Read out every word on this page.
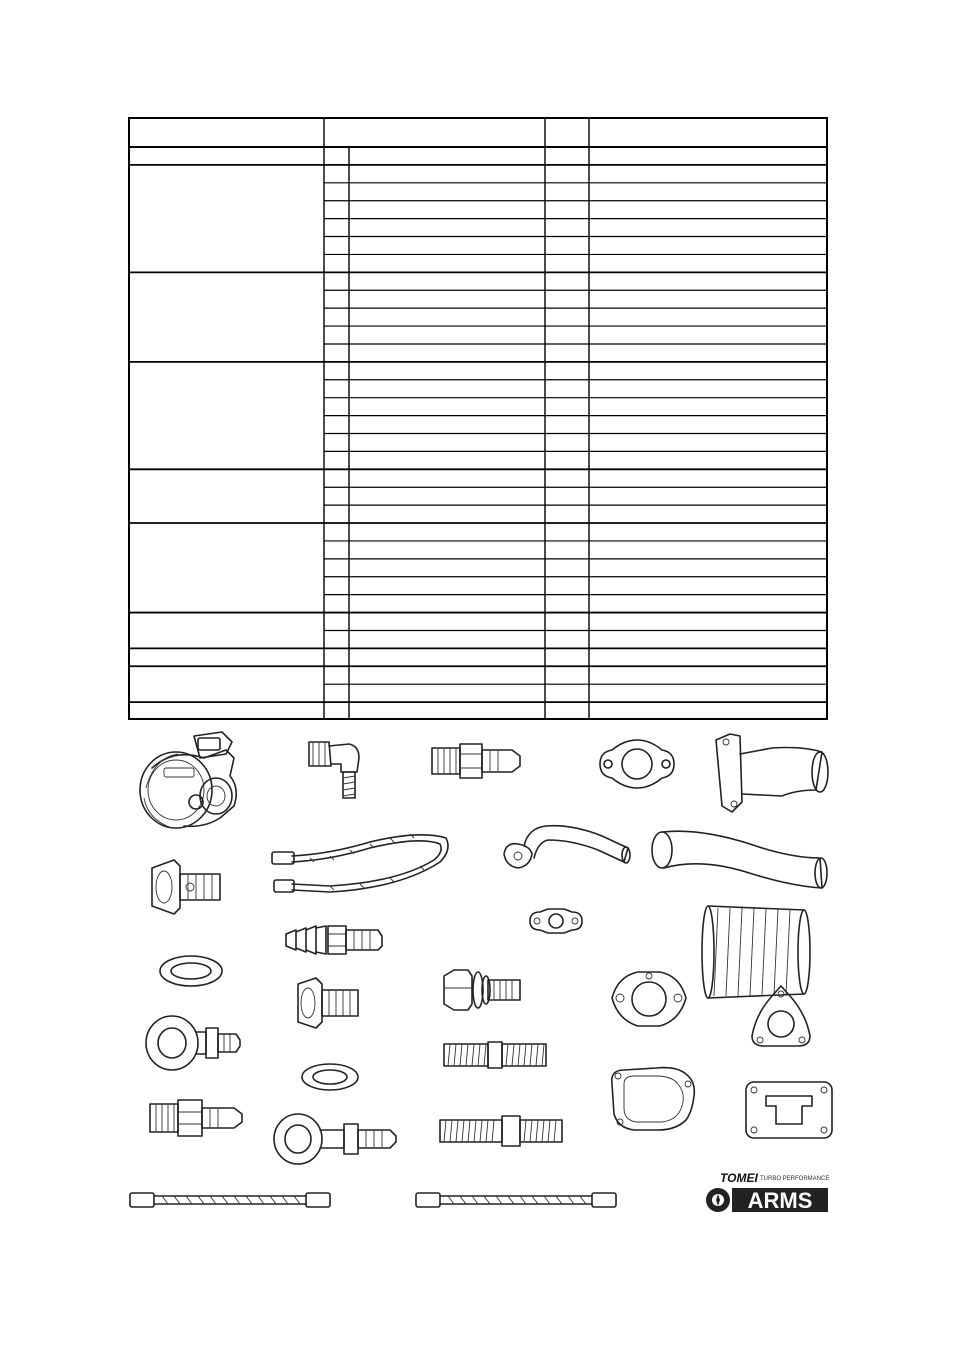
TOMEI TURBO PERFORMANCE
ARMS
